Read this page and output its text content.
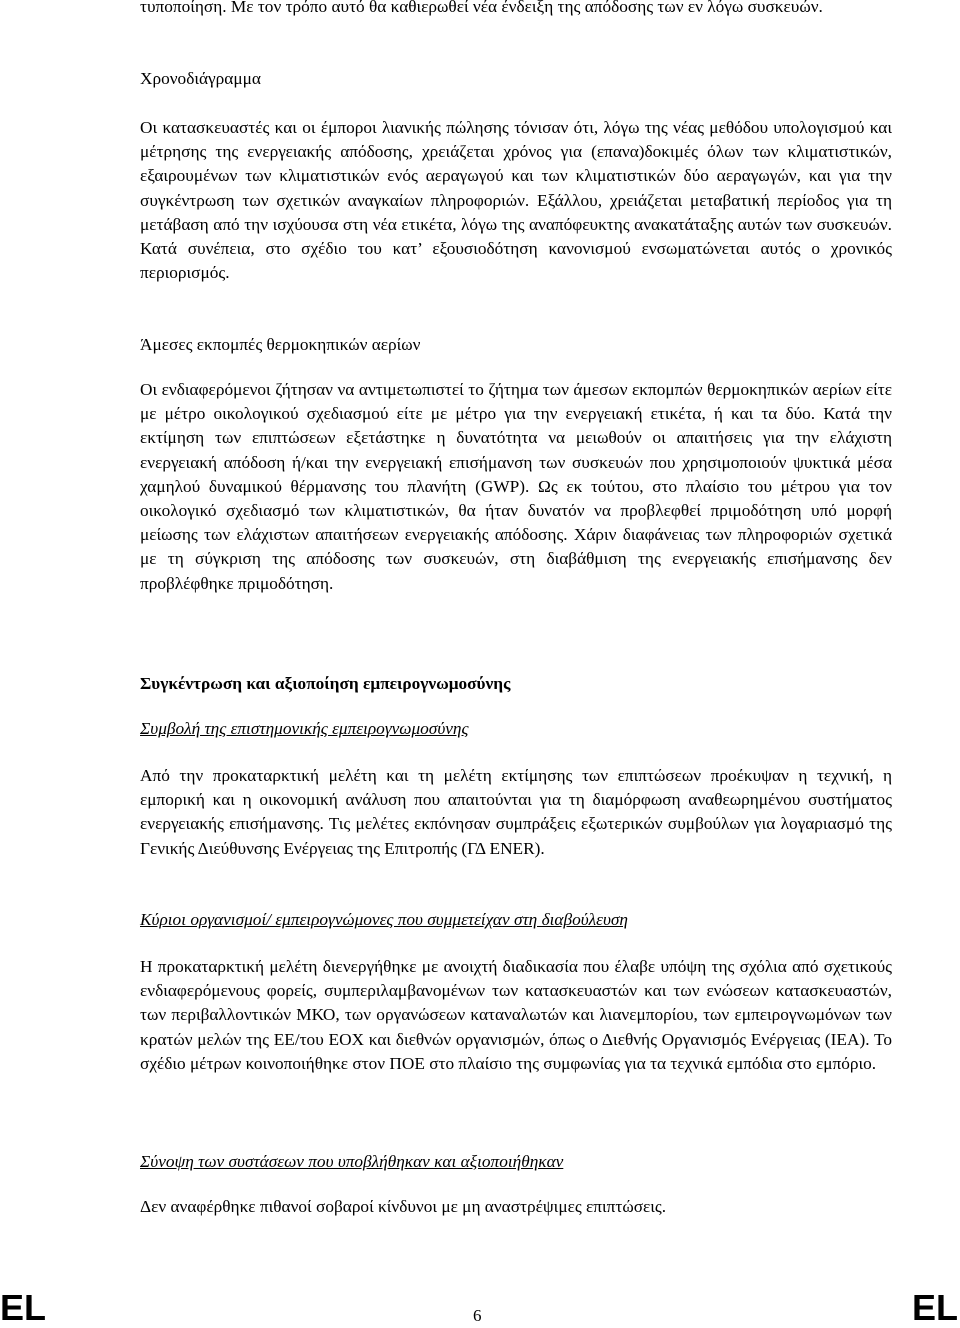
τυποποίηση. Με τον τρόπο αυτό θα καθιερωθεί νέα ένδειξη της απόδοσης των εν λόγω συσκευών.
Χρονοδιάγραμμα
Οι κατασκευαστές και οι έμποροι λιανικής πώλησης τόνισαν ότι, λόγω της νέας μεθόδου υπολογισμού και μέτρησης της ενεργειακής απόδοσης, χρειάζεται χρόνος για (επανα)δοκιμές όλων των κλιματιστικών, εξαιρουμένων των κλιματιστικών ενός αεραγωγού και των κλιματιστικών δύο αεραγωγών, και για την συγκέντρωση των σχετικών αναγκαίων πληροφοριών. Εξάλλου, χρειάζεται μεταβατική περίοδος για τη μετάβαση από την ισχύουσα στη νέα ετικέτα, λόγω της αναπόφευκτης ανακατάταξης αυτών των συσκευών. Κατά συνέπεια, στο σχέδιο του κατ’ εξουσιοδότηση κανονισμού ενσωματώνεται αυτός ο χρονικός περιορισμός.
Άμεσες εκπομπές θερμοκηπικών αερίων
Οι ενδιαφερόμενοι ζήτησαν να αντιμετωπιστεί το ζήτημα των άμεσων εκπομπών θερμοκηπικών αερίων είτε με μέτρο οικολογικού σχεδιασμού είτε με μέτρο για την ενεργειακή ετικέτα, ή και τα δύο. Κατά την εκτίμηση των επιπτώσεων εξετάστηκε η δυνατότητα να μειωθούν οι απαιτήσεις για την ελάχιστη ενεργειακή απόδοση ή/και την ενεργειακή επισήμανση των συσκευών που χρησιμοποιούν ψυκτικά μέσα χαμηλού δυναμικού θέρμανσης του πλανήτη (GWP). Ως εκ τούτου, στο πλαίσιο του μέτρου για τον οικολογικό σχεδιασμό των κλιματιστικών, θα ήταν δυνατόν να προβλεφθεί πριμοδότηση υπό μορφή μείωσης των ελάχιστων απαιτήσεων ενεργειακής απόδοσης. Χάριν διαφάνειας των πληροφοριών σχετικά με τη σύγκριση της απόδοσης των συσκευών, στη διαβάθμιση της ενεργειακής επισήμανσης δεν προβλέφθηκε πριμοδότηση.
Συγκέντρωση και αξιοποίηση εμπειρογνωμοσύνης
Συμβολή της επιστημονικής εμπειρογνωμοσύνης
Από την προκαταρκτική μελέτη και τη μελέτη εκτίμησης των επιπτώσεων προέκυψαν η τεχνική, η εμπορική και η οικονομική ανάλυση που απαιτούνται για τη διαμόρφωση αναθεωρημένου συστήματος ενεργειακής επισήμανσης. Τις μελέτες εκπόνησαν συμπράξεις εξωτερικών συμβούλων για λογαριασμό της Γενικής Διεύθυνσης Ενέργειας της Επιτροπής (ΓΔ ENER).
Κύριοι οργανισμοί/ εμπειρογνώμονες που συμμετείχαν στη διαβούλευση
Η προκαταρκτική μελέτη διενεργήθηκε με ανοιχτή διαδικασία που έλαβε υπόψη της σχόλια από σχετικούς ενδιαφερόμενους φορείς, συμπεριλαμβανομένων των κατασκευαστών και των ενώσεων κατασκευαστών, των περιβαλλοντικών ΜΚΟ, των οργανώσεων καταναλωτών και λιανεμπορίου, των εμπειρογνωμόνων των κρατών μελών της ΕΕ/του ΕΟΧ και διεθνών οργανισμών, όπως ο Διεθνής Οργανισμός Ενέργειας (IEA). Το σχέδιο μέτρων κοινοποιήθηκε στον ΠΟΕ στο πλαίσιο της συμφωνίας για τα τεχνικά εμπόδια στο εμπόριο.
Σύνοψη των συστάσεων που υποβλήθηκαν και αξιοποιήθηκαν
Δεν αναφέρθηκε πιθανοί σοβαροί κίνδυνοι με μη αναστρέψιμες επιπτώσεις.
EL	6	EL
